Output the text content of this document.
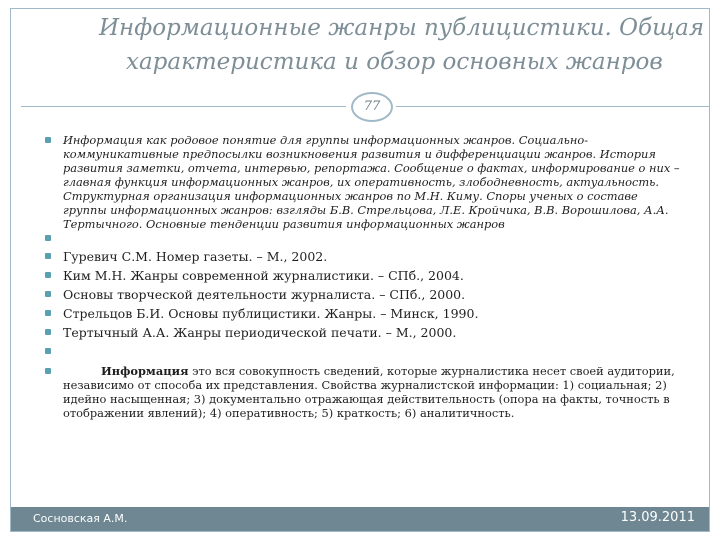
Информационные жанры публицистики. Общая
характеристика и обзор основных жанров
77
Информация как родовое понятие для группы информационных жанров. Социально-коммуникативные предпосылки возникновения развития и дифференциации жанров. История развития заметки, отчета, интервью, репортажа. Сообщение о фактах, информирование о них – главная функция информационных жанров, их оперативность, злободневность, актуальность. Структурная организация информационных жанров по М.Н. Киму. Споры ученых о составе группы информационных жанров: взгляды Б.В. Стрельцова, Л.Е. Кройчика, В.В. Ворошилова, А.А. Тертычного. Основные тенденции развития информационных жанров
Гуревич С.М. Номер газеты. – М., 2002.
Ким М.Н. Жанры современной журналистики. – СПб., 2004.
Основы творческой деятельности журналиста. – СПб., 2000.
Стрельцов Б.И. Основы публицистики. Жанры. – Минск, 1990.
Тертычный А.А. Жанры периодической печати. – М., 2000.
Информация это вся совокупность сведений, которые журналистика несет своей аудитории, независимо от способа их представления. Свойства журналистской информации: 1) социальная; 2) идейно насыщенная; 3) документально отражающая действительность (опора на факты, точность в отображении явлений); 4) оперативность; 5) краткость; 6) аналитичность.
Сосновская А.М.	13.09.2011
